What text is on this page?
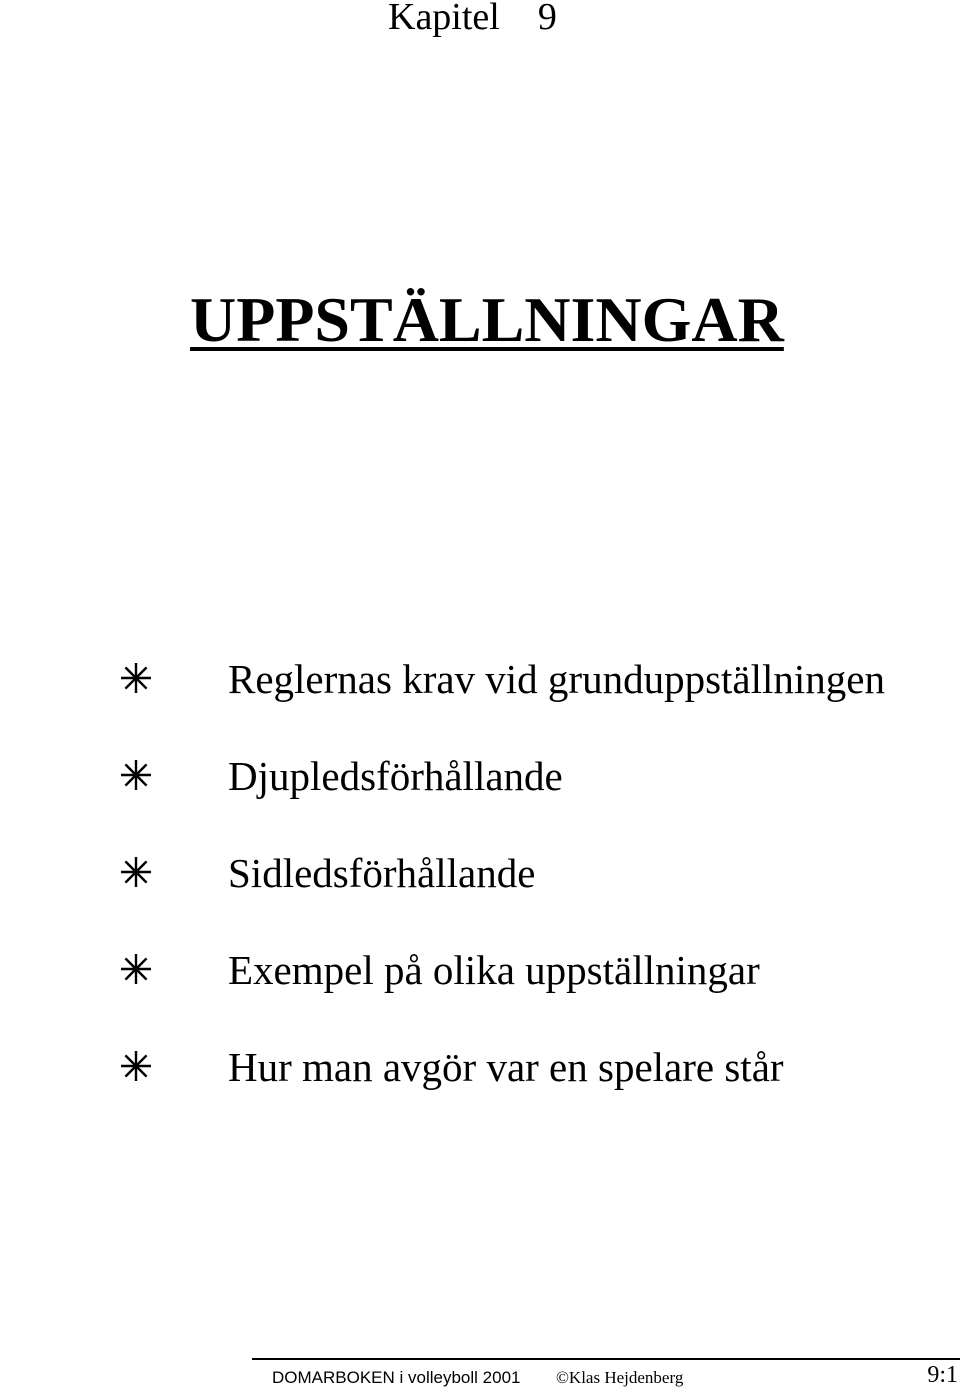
Kapitel 9
UPPSTÄLLNINGAR
Reglernas krav vid grunduppställningen
Djupledsförhållande
Sidledsförhållande
Exempel på olika uppställningar
Hur man avgör var en spelare står
DOMARBOKEN i volleyboll 2001 ©Klas Hejdenberg	9:1
